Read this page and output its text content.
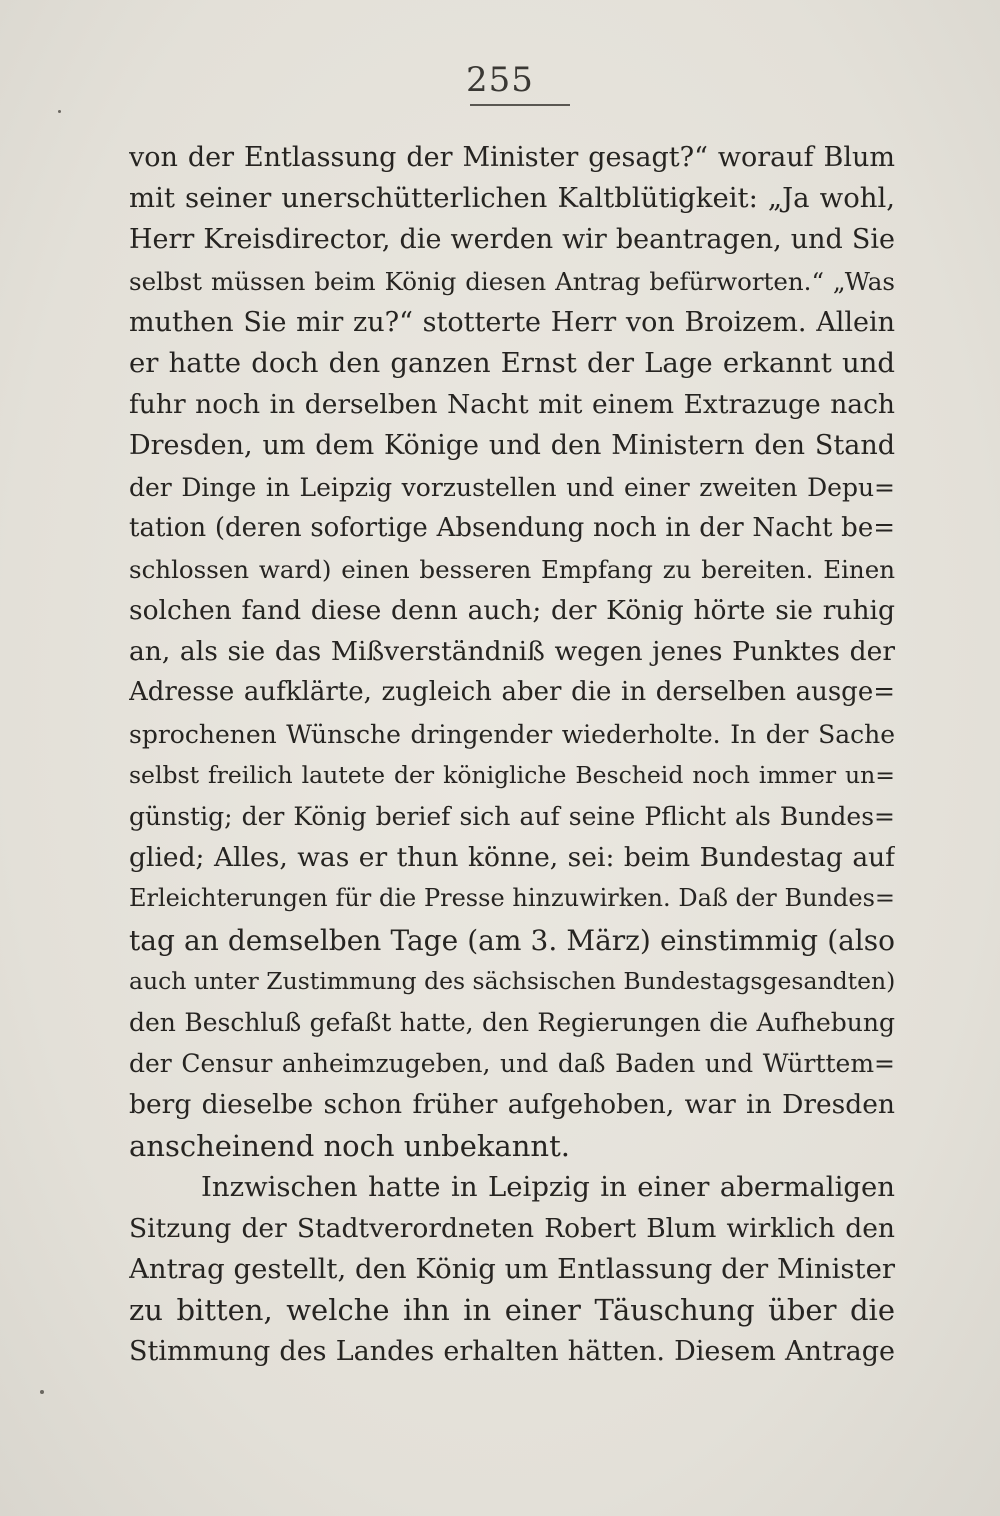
255
von der Entlassung der Minister gesagt?“ worauf Blum
mit seiner unerschütterlichen Kaltblütigkeit: „Ja wohl,
Herr Kreisdirector, die werden wir beantragen, und Sie
selbst müssen beim König diesen Antrag befürworten.“ „Was
muthen Sie mir zu?“ stotterte Herr von Broizem. Allein
er hatte doch den ganzen Ernst der Lage erkannt und
fuhr noch in derselben Nacht mit einem Extrazuge nach
Dresden, um dem Könige und den Ministern den Stand
der Dinge in Leipzig vorzustellen und einer zweiten Depu=
tation (deren sofortige Absendung noch in der Nacht be=
schlossen ward) einen besseren Empfang zu bereiten. Einen
solchen fand diese denn auch; der König hörte sie ruhig
an, als sie das Mißverständniß wegen jenes Punktes der
Adresse aufklärte, zugleich aber die in derselben ausge=
sprochenen Wünsche dringender wiederholte. In der Sache
selbst freilich lautete der königliche Bescheid noch immer un=
günstig; der König berief sich auf seine Pflicht als Bundes=
glied; Alles, was er thun könne, sei: beim Bundestag auf
Erleichterungen für die Presse hinzuwirken. Daß der Bundes=
tag an demselben Tage (am 3. März) einstimmig (also
auch unter Zustimmung des sächsischen Bundestagsgesandten)
den Beschluß gefaßt hatte, den Regierungen die Aufhebung
der Censur anheimzugeben, und daß Baden und Württem=
berg dieselbe schon früher aufgehoben, war in Dresden
anscheinend noch unbekannt.
Inzwischen hatte in Leipzig in einer abermaligen
Sitzung der Stadtverordneten Robert Blum wirklich den
Antrag gestellt, den König um Entlassung der Minister
zu bitten, welche ihn in einer Täuschung über die
Stimmung des Landes erhalten hätten. Diesem Antrage
